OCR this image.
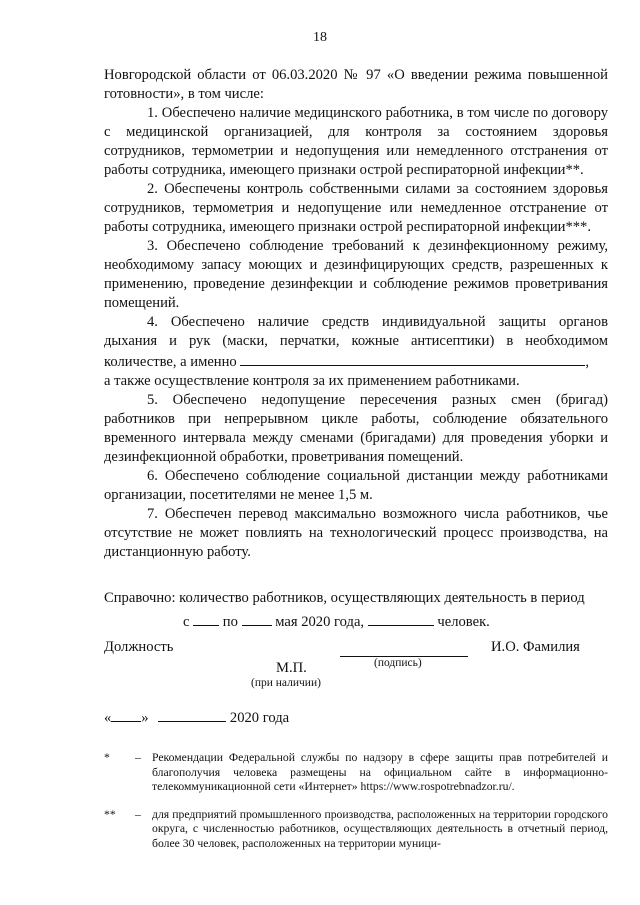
18

Новгородской области от 06.03.2020 № 97 «О введении режима повышенной готовности», в том числе:

1. Обеспечено наличие медицинского работника, в том числе по договору с медицинской организацией, для контроля за состоянием здоровья сотрудников, термометрии и недопущения или немедленного отстранения от работы сотрудника, имеющего признаки острой респираторной инфекции**.

2. Обеспечены контроль собственными силами за состоянием здоровья сотрудников, термометрия и недопущение или немедленное отстранение от работы сотрудника, имеющего признаки острой респираторной инфекции***.

3. Обеспечено соблюдение требований к дезинфекционному режиму, необходимому запасу моющих и дезинфицирующих средств, разрешенных к применению, проведение дезинфекции и соблюдение режимов проветривания помещений.

4. Обеспечено наличие средств индивидуальной защиты органов дыхания и рук (маски, перчатки, кожные антисептики) в необходимом количестве, а именно	,

а также осуществление контроля за их применением работниками.

5. Обеспечено недопущение пересечения разных смен (бригад) работников при непрерывном цикле работы, соблюдение обязательного временного интервала между сменами (бригадами) для проведения уборки и дезинфекционной обработки, проветривания помещений.

6. Обеспечено соблюдение социальной дистанции между работниками организации, посетителями не менее 1,5 м.

7. Обеспечен перевод максимально возможного числа работников, чье отсутствие не может повлиять на технологический процесс производства, на дистанционную работу.

Справочно: количество работников, осуществляющих деятельность в период
с по	мая 2020 года,	человек.
Должность
(подпись)
И.О. Фамилия
М.П.
(при наличии)
« »	2020 года
* – Рекомендации Федеральной службы по надзору в сфере защиты прав потребителей и благополучия человека размещены на официальном сайте в информационно-телекоммуникационной сети «Интернет» https://www.rospotrebnadzor.ru/.
** – для предприятий промышленного производства, расположенных на территории городского округа, с численностью работников, осуществляющих деятельность в отчетный период, более 30 человек, расположенных на территории муници-
